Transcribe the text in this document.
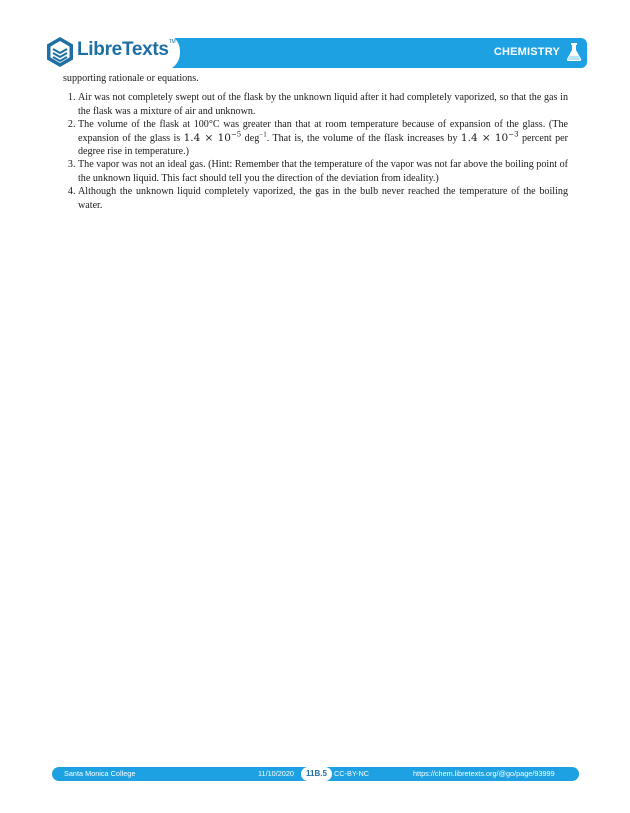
LibreTexts™
CHEMISTRY

supporting rationale or equations.

1. Air was not completely swept out of the flask by the unknown liquid after it had completely vaporized, so that the gas in the flask was a mixture of air and unknown.
2. The volume of the flask at 100°C was greater than that at room temperature because of expansion of the glass. (The expansion of the glass is $1.4 \times 10^{-5}$ deg$^{-1}$. That is, the volume of the flask increases by $1.4 \times 10^{-3}$ percent per degree rise in temperature.)
3. The vapor was not an ideal gas. (Hint: Remember that the temperature of the vapor was not far above the boiling point of the unknown liquid. This fact should tell you the direction of the deviation from ideality.)
4. Although the unknown liquid completely vaporized, the gas in the bulb never reached the temperature of the boiling water.
Santa Monica College	11/10/2020	11B.5 CC-BY-NC	https://chem.libretexts.org/@go/page/93999
